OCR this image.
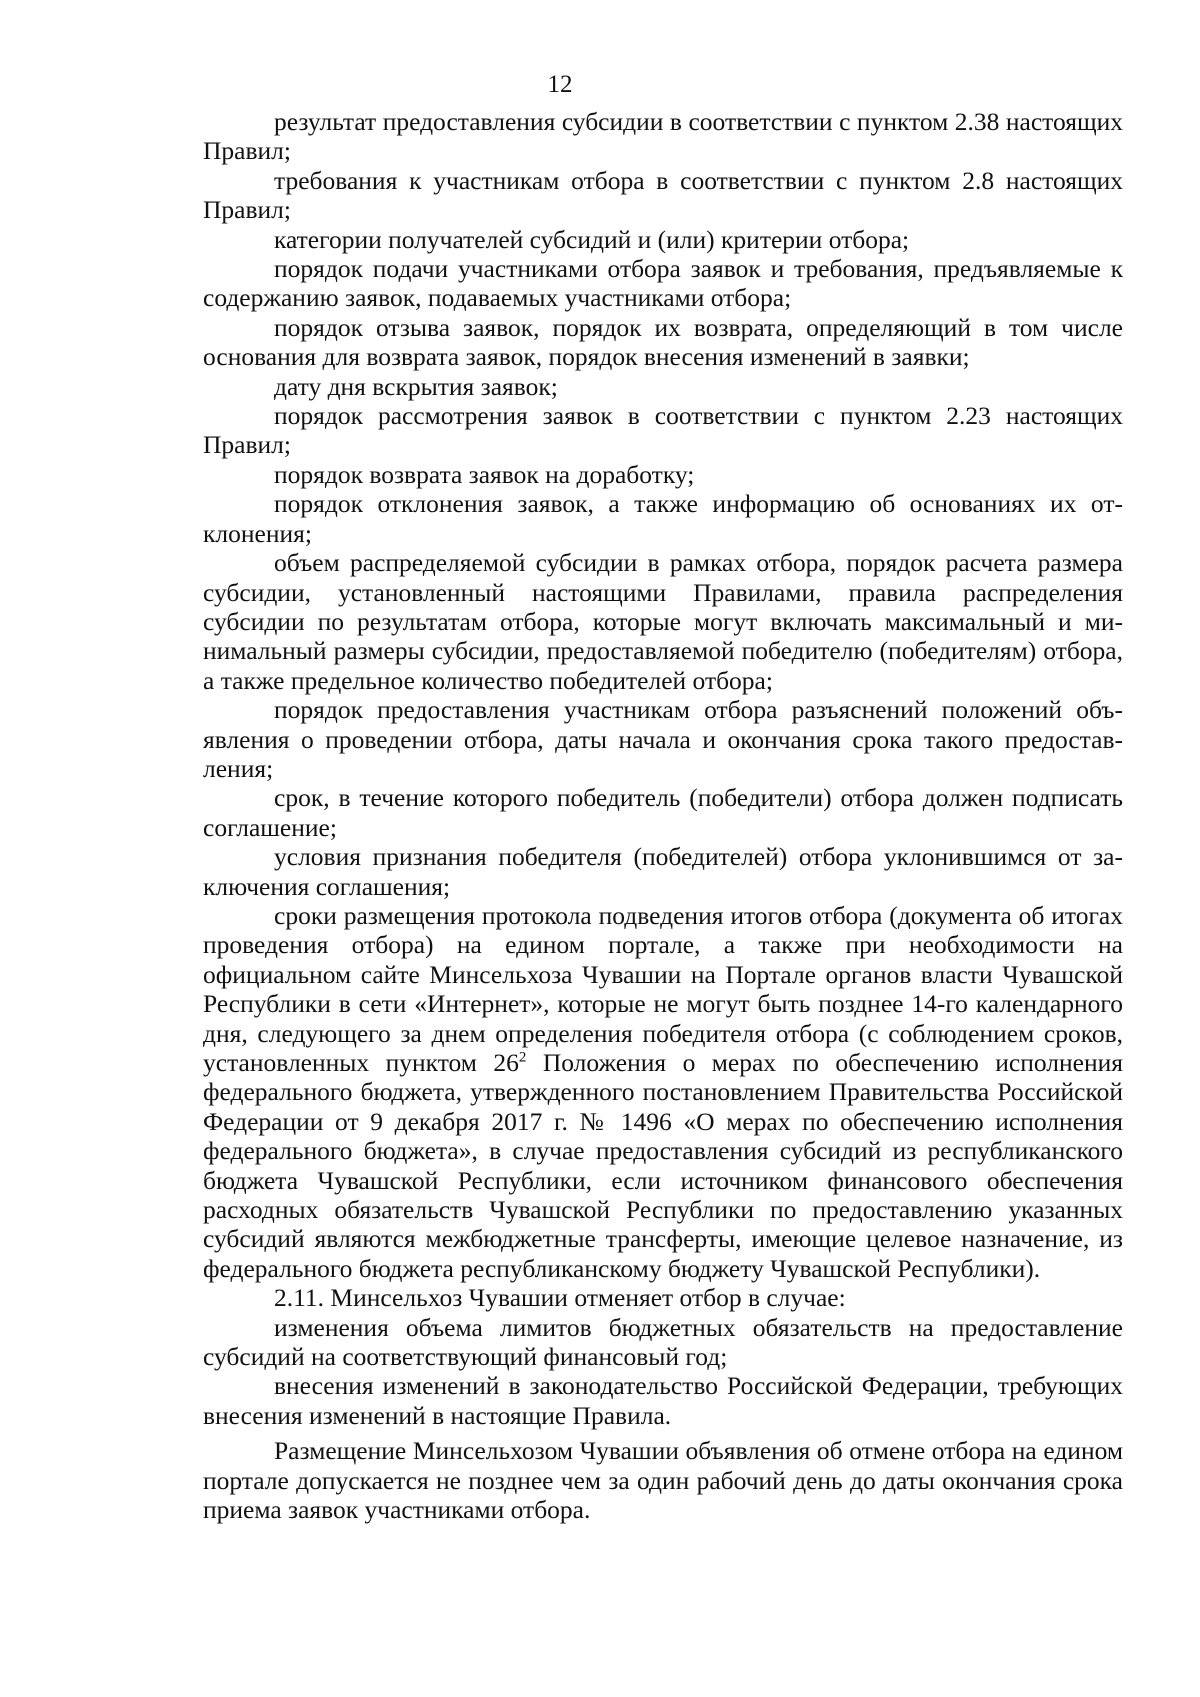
12

результат предоставления субсидии в соответствии с пунктом 2.38 настоящих Правил;

требования к участникам отбора в соответствии с пунктом 2.8 настоящих Правил;

категории получателей субсидий и (или) критерии отбора;

порядок подачи участниками отбора заявок и требования, предъявляемые к содержанию заявок, подаваемых участниками отбора;

порядок отзыва заявок, порядок их возврата, определяющий в том числе основания для возврата заявок, порядок внесения изменений в заявки;

дату дня вскрытия заявок;

порядок рассмотрения заявок в соответствии с пунктом 2.23 настоящих Правил;

порядок возврата заявок на доработку;

порядок отклонения заявок, а также информацию об основаниях их отклонения;

объем распределяемой субсидии в рамках отбора, порядок расчета размера субсидии, установленный настоящими Правилами, правила распределения субсидии по результатам отбора, которые могут включать максимальный и минимальный размеры субсидии, предоставляемой победителю (победителям) отбора, а также предельное количество победителей отбора;

порядок предоставления участникам отбора разъяснений положений объявления о проведении отбора, даты начала и окончания срока такого предоставления;

срок, в течение которого победитель (победители) отбора должен подписать соглашение;

условия признания победителя (победителей) отбора уклонившимся от заключения соглашения;

сроки размещения протокола подведения итогов отбора (документа об итогах проведения отбора) на едином портале, а также при необходимости на официальном сайте Минсельхоза Чувашии на Портале органов власти Чувашской Республики в сети «Интернет», которые не могут быть позднее 14-го календарного дня, следующего за днем определения победителя отбора (с соблюдением сроков, установленных пунктом $26^2$ Положения о мерах по обеспечению исполнения федерального бюджета, утвержденного постановлением Правительства Российской Федерации от 9 декабря 2017 г. № 1496 «О мерах по обеспечению исполнения федерального бюджета», в случае предоставления субсидий из республиканского бюджета Чувашской Республики, если источником финансового обеспечения расходных обязательств Чувашской Республики по предоставлению указанных субсидий являются межбюджетные трансферты, имеющие целевое назначение, из федерального бюджета республиканскому бюджету Чувашской Республики).

2.11. Минсельхоз Чувашии отменяет отбор в случае:

изменения объема лимитов бюджетных обязательств на предоставление субсидий на соответствующий финансовый год;

внесения изменений в законодательство Российской Федерации, требующих внесения изменений в настоящие Правила.

Размещение Минсельхозом Чувашии объявления об отмене отбора на едином портале допускается не позднее чем за один рабочий день до даты окончания срока приема заявок участниками отбора.
